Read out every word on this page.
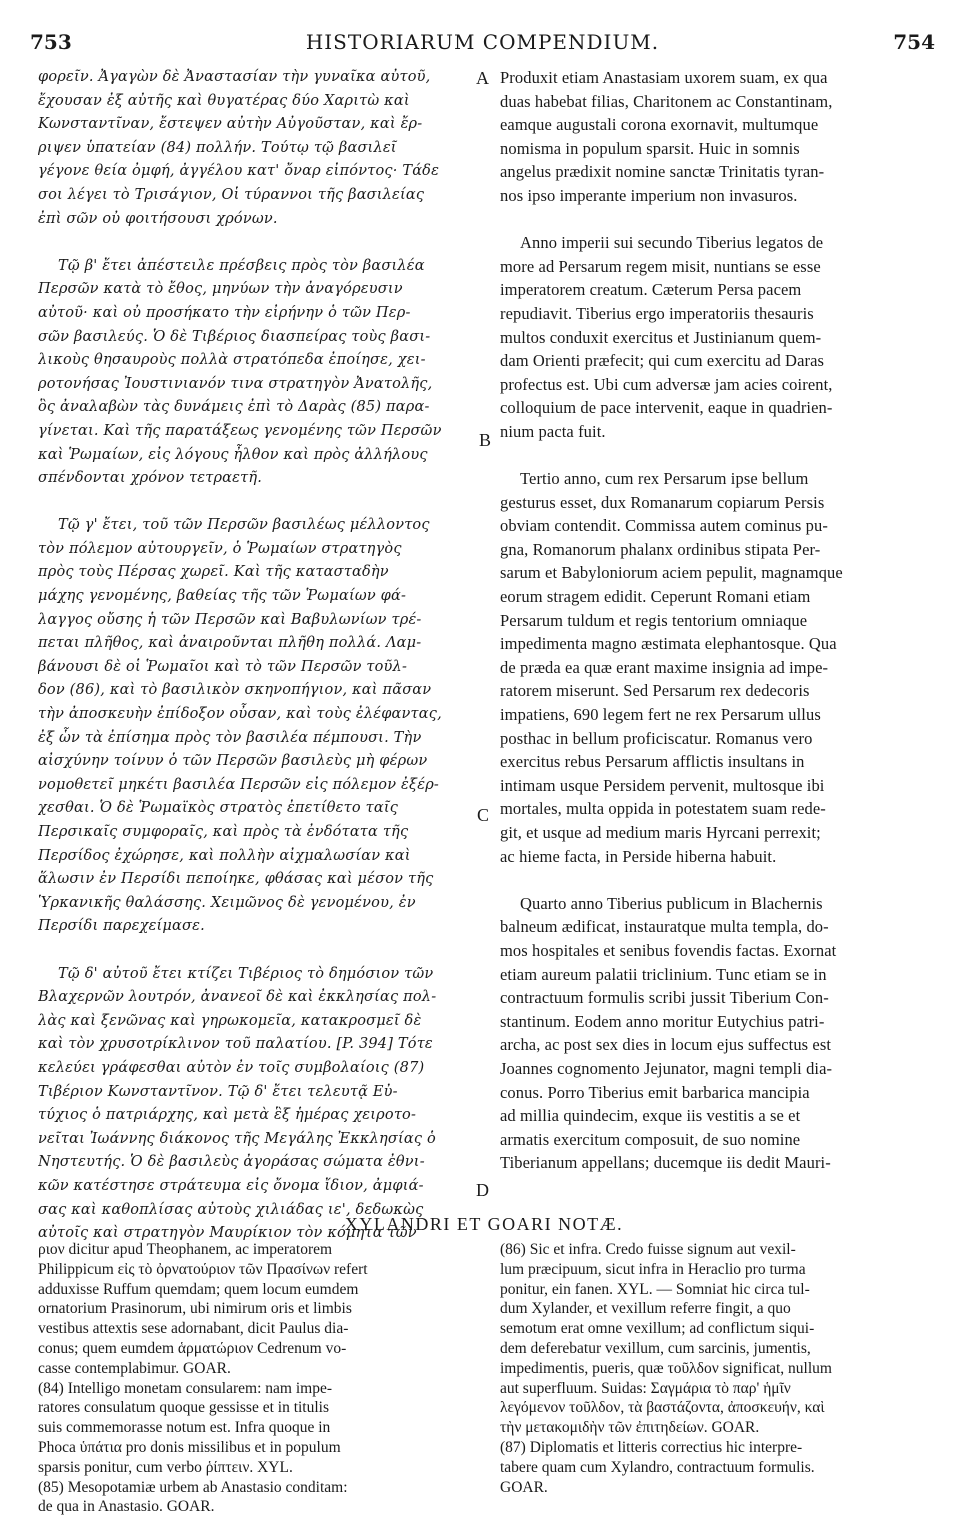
753	HISTORIARUM COMPENDIUM.	754
φορεῖν. Ἀγαγὼν δὲ Ἀναστασίαν τὴν γυναῖκα αὐτοῦ,
ἔχουσαν ἐξ αὐτῆς καὶ θυγατέρας δύο Χαριτὼ καὶ
Κωνσταντῖναν, ἔστεψεν αὐτὴν Αὐγοῦσταν, καὶ ἔρ-
ριψεν ὑπατείαν (84) πολλήν. Τούτῳ τῷ βασιλεῖ
γέγονε θεία ὀμφή, ἀγγέλου κατ' ὄναρ εἰπόντος· Τάδε
σοι λέγει τὸ Τρισάγιον, Οἱ τύραννοι τῆς βασιλείας
ἐπὶ σῶν οὐ φοιτήσουσι χρόνων.
Τῷ β' ἔτει ἀπέστειλε πρέσβεις πρὸς τὸν βασιλέα
Περσῶν κατὰ τὸ ἔθος, μηνύων τὴν ἀναγόρευσιν
αὐτοῦ· καὶ οὐ προσήκατο τὴν εἰρήνην ὁ τῶν Περ-
σῶν βασιλεύς. Ὁ δὲ Τιβέριος διασπείρας τοὺς βασι-
λικοὺς θησαυροὺς πολλὰ στρατόπεδα ἐποίησε, χει-
ροτονήσας Ἰουστινιανόν τινα στρατηγὸν Ἀνατολῆς,
ὃς ἀναλαβὼν τὰς δυνάμεις ἐπὶ τὸ Δαρὰς (85) παρα-
γίνεται. Καὶ τῆς παρατάξεως γενομένης τῶν Περσῶν
καὶ Ῥωμαίων, εἰς λόγους ἦλθον καὶ πρὸς ἀλλήλους
σπένδονται χρόνον τετραετῆ.
Τῷ γ' ἔτει, τοῦ τῶν Περσῶν βασιλέως μέλλοντος
τὸν πόλεμον αὐτουργεῖν, ὁ Ῥωμαίων στρατηγὸς
πρὸς τοὺς Πέρσας χωρεῖ. Καὶ τῆς κατασταδὴν
μάχης γενομένης, βαθείας τῆς τῶν Ῥωμαίων φά-
λαγγος οὔσης ἡ τῶν Περσῶν καὶ Βαβυλωνίων τρέ-
πεται πλῆθος, καὶ ἀναιροῦνται πλῆθη πολλά. Λαμ-
βάνουσι δὲ οἱ Ῥωμαῖοι καὶ τὸ τῶν Περσῶν τοῦλ-
δον (86), καὶ τὸ βασιλικὸν σκηνοπήγιον, καὶ πᾶσαν
τὴν ἀποσκευὴν ἐπίδοξον οὖσαν, καὶ τοὺς ἐλέφαντας,
ἐξ ὧν τὰ ἐπίσημα πρὸς τὸν βασιλέα πέμπουσι. Τὴν
αἰσχύνην τοίνυν ὁ τῶν Περσῶν βασιλεὺς μὴ φέρων
νομοθετεῖ μηκέτι βασιλέα Περσῶν εἰς πόλεμον ἐξέρ-
χεσθαι. Ὁ δὲ Ῥωμαϊκὸς στρατὸς ἐπετίθετο ταῖς
Περσικαῖς συμφοραῖς, καὶ πρὸς τὰ ἐνδότατα τῆς
Περσίδος ἐχώρησε, καὶ πολλὴν αἰχμαλωσίαν καὶ
ἅλωσιν ἐν Περσίδι πεποίηκε, φθάσας καὶ μέσον τῆς
Ὑρκανικῆς θαλάσσης. Χειμῶνος δὲ γενομένου, ἐν
Περσίδι παρεχείμασε.
Τῷ δ' αὐτοῦ ἔτει κτίζει Τιβέριος τὸ δημόσιον τῶν
Βλαχερνῶν λουτρόν, ἀνανεοῖ δὲ καὶ ἐκκλησίας πολ-
λὰς καὶ ξενῶνας καὶ γηρωκομεῖα, κατακροσμεῖ δὲ
καὶ τὸν χρυσοτρίκλινον τοῦ παλατίου. [P. 394] Τότε
κελεύει γράφεσθαι αὐτὸν ἐν τοῖς συμβολαίοις (87)
Τιβέριον Κωνσταντῖνον. Τῷ δ' ἔτει τελευτᾷ Εὐ-
τύχιος ὁ πατριάρχης, καὶ μετὰ ἓξ ἡμέρας χειροτο-
νεῖται Ἰωάννης διάκονος τῆς Μεγάλης Ἐκκλησίας ὁ
Νηστευτής. Ὁ δὲ βασιλεὺς ἀγοράσας σώματα ἐθνι-
κῶν κατέστησε στράτευμα εἰς ὄνομα ἴδιον, ἀμφιά-
σας καὶ καθοπλίσας αὐτοὺς χιλιάδας ιε', δεδωκὼς
αὐτοῖς καὶ στρατηγὸν Μαυρίκιον τὸν κόμητα τῶν
Produxit etiam Anastasiam uxorem suam, ex qua
duas habebat filias, Charitonem ac Constantinam,
eamque augustali corona exornavit, multumque
nomisma in populum sparsit. Huic in somnis
angelus prædixit nomine sanctæ Trinitatis tyran-
nos ipso imperante imperium non invasuros.
Anno imperii sui secundo Tiberius legatos de
more ad Persarum regem misit, nuntians se esse
imperatorem creatum. Cæterum Persa pacem
repudiavit. Tiberius ergo imperatoriis thesauris
multos conduxit exercitus et Justinianum quem-
dam Orienti præfecit; qui cum exercitu ad Daras
profectus est. Ubi cum adversæ jam acies coirent,
colloquium de pace intervenit, eaque in quadrien-
nium pacta fuit.
Tertio anno, cum rex Persarum ipse bellum
gesturus esset, dux Romanarum copiarum Persis
obviam contendit. Commissa autem cominus pu-
gna, Romanorum phalanx ordinibus stipata Per-
sarum et Babyloniorum aciem pepulit, magnamque
eorum stragem edidit. Ceperunt Romani etiam
Persarum tuldum et regis tentorium omniaque
impedimenta magno æstimata elephantosque. Qua
de præda ea quæ erant maxime insignia ad impe-
ratorem miserunt. Sed Persarum rex dedecoris
impatiens, 690 legem fert ne rex Persarum ullus
posthac in bellum proficiscatur. Romanus vero
exercitus rebus Persarum afflictis insultans in
intimam usque Persidem pervenit, multosque ibi
mortales, multa oppida in potestatem suam rede-
git, et usque ad medium maris Hyrcani perrexit;
ac hieme facta, in Perside hiberna habuit.
Quarto anno Tiberius publicum in Blachernis
balneum ædificat, instauratque multa templa, do-
mos hospitales et senibus fovendis factas. Exornat
etiam aureum palatii triclinium. Tunc etiam se in
contractuum formulis scribi jussit Tiberium Con-
stantinum. Eodem anno moritur Eutychius patri-
archa, ac post sex dies in locum ejus suffectus est
Joannes cognomento Jejunator, magni templi dia-
conus. Porro Tiberius emit barbarica mancipia
ad millia quindecim, exque iis vestitis a se et
armatis exercitum composuit, de suo nomine
Tiberianum appellans; ducemque iis dedit Mauri-
A
B
C
D
XYLANDRI ET GOARI NOTÆ.
ριον dicitur apud Theophanem, ac imperatorem
Philippicum εἰς τὸ ὀρνατούριον τῶν Πρασίνων refert
adduxisse Ruffum quemdam; quem locum eumdem
ornatorium Prasinorum, ubi nimirum oris et limbis
vestibus attextis sese adornabant, dicit Paulus dia-
conus; quem eumdem ἁρματώριον Cedrenum vo-
casse contemplabimur. GOAR.
(84) Intelligo monetam consularem: nam impe-
ratores consulatum quoque gessisse et in titulis
suis commemorasse notum est. Infra quoque in
Phoca ὑπάτια pro donis missilibus et in populum
sparsis ponitur, cum verbo ῥίπτειν. XYL.
(85) Mesopotamiæ urbem ab Anastasio conditam:
de qua in Anastasio. GOAR.
(86) Sic et infra. Credo fuisse signum aut vexil-
lum præcipuum, sicut infra in Heraclio pro turma
ponitur, ein fanen. XYL. — Somniat hic circa tul-
dum Xylander, et vexillum referre fingit, a quo
semotum erat omne vexillum; ad conflictum siqui-
dem deferebatur vexillum, cum sarcinis, jumentis,
impedimentis, pueris, quæ τοῦλδον significat, nullum
aut superfluum. Suidas: Σαγμάρια τὸ παρ' ἡμῖν
λεγόμενον τοῦλδον, τὰ βαστάζοντα, ἀποσκευήν, καὶ
τὴν μετακομιδὴν τῶν ἐπιτηδείων. GOAR.
(87) Diplomatis et litteris correctius hic interpre-
tabere quam cum Xylandro, contractuum formulis.
GOAR.
